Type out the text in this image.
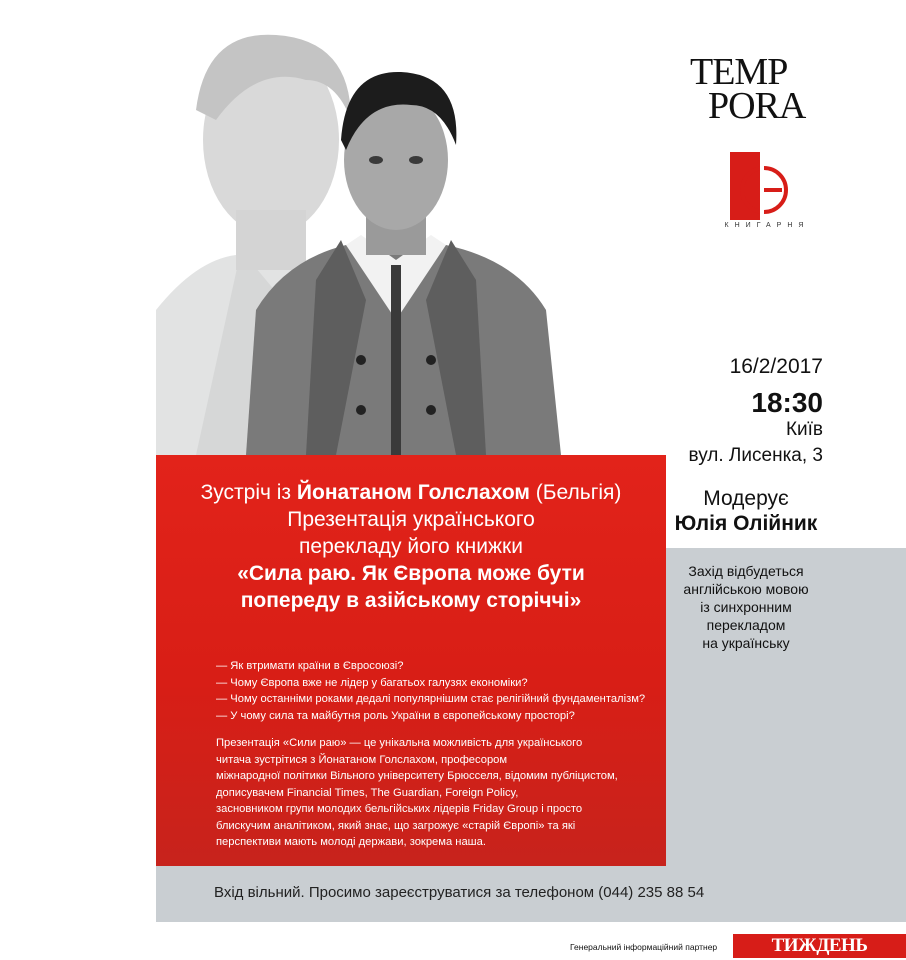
TEMP
PORA
КНИГАРНЯ
16/2/2017
18:30
Київ
вул. Лисенка, 3
Модерує
Юлія Олійник
Захід відбудеться
англійською мовою
із синхронним
перекладом
на українську
Зустріч із Йонатаном Голслахом (Бельгія)
Презентація українського
перекладу його книжки
«Сила раю. Як Європа може бути
попереду в азійському сторіччі»
— Як втримати країни в Євросоюзі?
— Чому Європа вже не лідер у багатьох галузях економіки?
— Чому останніми роками дедалі популярнішим стає релігійний фундаменталізм?
— У чому сила та майбутня роль України в європейському просторі?
Презентація «Сили раю» — це унікальна можливість для українського
читача зустрітися з Йонатаном Голслахом, професором
міжнародної політики Вільного університету Брюсселя, відомим публіцистом,
дописувачем Financial Times, The Guardian, Foreign Policy,
засновником групи молодих бельгійських лідерів Friday Group і просто
блискучим аналітиком, який знає, що загрожує «старій Європі» та які
перспективи мають молоді держави, зокрема наша.
Вхід вільний. Просимо зареєструватися за телефоном (044) 235 88 54
Генеральний інформаційний партнер	ТИЖДЕНЬ
